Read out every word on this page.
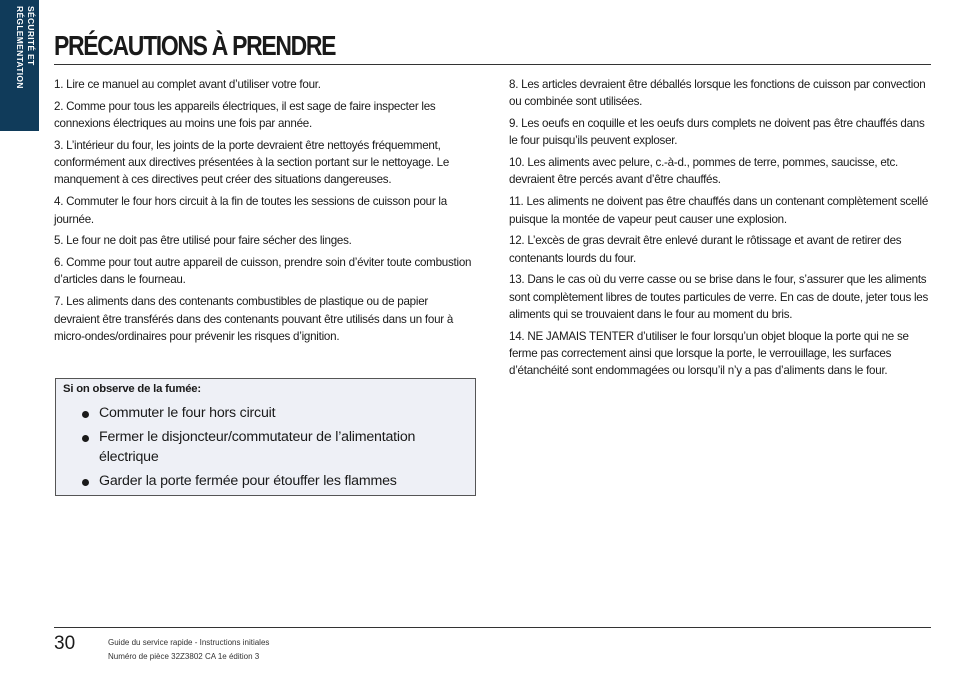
SÉCURITÉ ET RÉGLEMENTATION	PRÉCAUTIONS À PRENDRE

1. Lire ce manuel au complet avant d’utiliser votre four.

2. Comme pour tous les appareils électriques, il est sage de faire inspecter les connexions électriques au moins une fois par année.

3. L’intérieur du four, les joints de la porte devraient être nettoyés fréquemment, conformément aux directives présentées à la section portant sur le nettoyage. Le manquement à ces directives peut créer des situations dangereuses.

4. Commuter le four hors circuit à la fin de toutes les sessions de cuisson pour la journée.

5. Le four ne doit pas être utilisé pour faire sécher des linges.

6. Comme pour tout autre appareil de cuisson, prendre soin d’éviter toute combustion d’articles dans le fourneau.

7. Les aliments dans des contenants combustibles de plastique ou de papier devraient être transférés dans des contenants pouvant être utilisés dans un four à micro-ondes/ordinaires pour prévenir les risques d’ignition.

Si on observe de la fumée:
Commuter le four hors circuit
Fermer le disjoncteur/commutateur de l’alimentation électrique
Garder la porte fermée pour étouffer les flammes

8. Les articles devraient être déballés lorsque les fonctions de cuisson par convection ou combinée sont utilisées.

9. Les oeufs en coquille et les oeufs durs complets ne doivent pas être chauffés dans le four puisqu’ils peuvent exploser.

10. Les aliments avec pelure, c.-à-d., pommes de terre, pommes, saucisse, etc. devraient être percés avant d’être chauffés.

11. Les aliments ne doivent pas être chauffés dans un contenant complètement scellé puisque la montée de vapeur peut causer une explosion.

12. L’excès de gras devrait être enlevé durant le rôtissage et avant de retirer des contenants lourds du four.

13. Dans le cas où du verre casse ou se brise dans le four, s’assurer que les aliments sont complètement libres de toutes particules de verre. En cas de doute, jeter tous les aliments qui se trouvaient dans le four au moment du bris.

14. NE JAMAIS TENTER d’utiliser le four lorsqu’un objet bloque la porte qui ne se ferme pas correctement ainsi que lorsque la porte, le verrouillage, les surfaces d’étanchéité sont endommagées ou lorsqu’il n’y a pas d’aliments dans le four.

30	Guide du service rapide - Instructions initiales
Numéro de pièce 32Z3802 CA 1e édition 3
